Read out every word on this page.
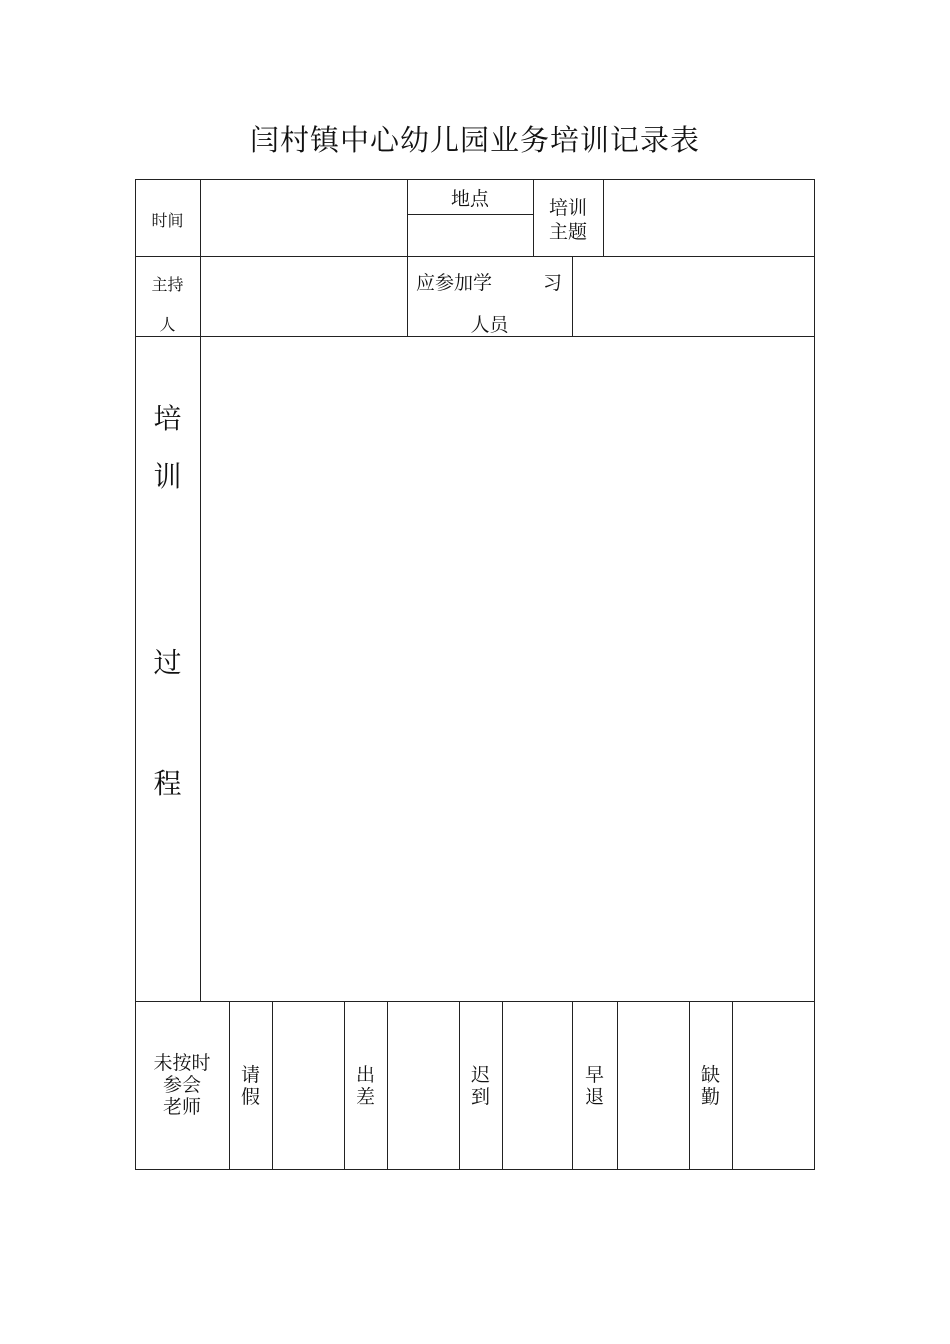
闫村镇中心幼儿园业务培训记录表
时间
地点	培训
主题
主持
人
应参加学	习
人员
培
训
过
程
未按时
参会
老师
请
假
出
差
迟
到
早
退
缺
勤
